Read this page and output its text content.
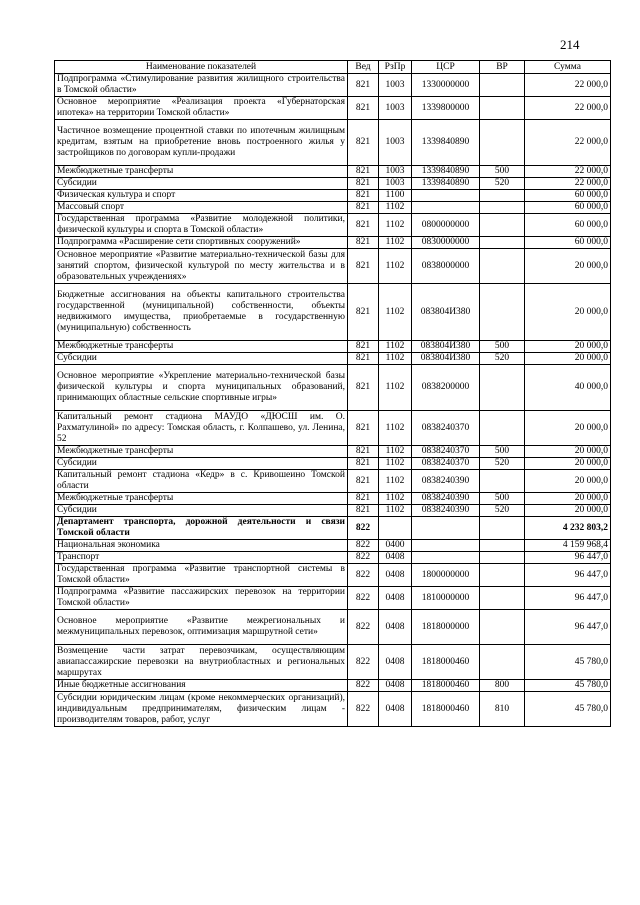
214
Наименование показателей	Вед	РзПр	ЦСР	ВР	Сумма
Подпрограмма «Стимулирование развития жилищного строительства в Томской области»	821	1003	1330000000		22 000,0
Основное мероприятие «Реализация проекта «Губернаторская ипотека» на территории Томской области»	821	1003	1339800000		22 000,0
Частичное возмещение процентной ставки по ипотечным жилищным кредитам, взятым на приобретение вновь построенного жилья у застройщиков по договорам купли-продажи	821	1003	1339840890		22 000,0
Межбюджетные трансферты	821	1003	1339840890	500	22 000,0
Субсидии	821	1003	1339840890	520	22 000,0
Физическая культура и спорт	821	1100			60 000,0
Массовый спорт	821	1102			60 000,0
Государственная программа «Развитие молодежной политики, физической культуры и спорта в Томской области»	821	1102	0800000000		60 000,0
Подпрограмма «Расширение сети спортивных сооружений»	821	1102	0830000000		60 000,0
Основное мероприятие «Развитие материально-технической базы для занятий спортом, физической культурой по месту жительства и в образовательных учреждениях»	821	1102	0838000000		20 000,0
Бюджетные ассигнования на объекты капитального строительства государственной (муниципальной) собственности, объекты недвижимого имущества, приобретаемые в государственную (муниципальную) собственность	821	1102	083804И380		20 000,0
Межбюджетные трансферты	821	1102	083804И380	500	20 000,0
Субсидии	821	1102	083804И380	520	20 000,0
Основное мероприятие «Укрепление материально-технической базы физической культуры и спорта муниципальных образований, принимающих областные сельские спортивные игры»	821	1102	0838200000		40 000,0
Капитальный ремонт стадиона МАУДО «ДЮСШ им. О. Рахматулиной» по адресу: Томская область, г. Колпашево, ул. Ленина, 52	821	1102	0838240370		20 000,0
Межбюджетные трансферты	821	1102	0838240370	500	20 000,0
Субсидии	821	1102	0838240370	520	20 000,0
Капитальный ремонт стадиона «Кедр» в с. Кривошеино Томской области	821	1102	0838240390		20 000,0
Межбюджетные трансферты	821	1102	0838240390	500	20 000,0
Субсидии	821	1102	0838240390	520	20 000,0
Департамент транспорта, дорожной деятельности и связи Томской области	822				4 232 803,2
Национальная экономика	822	0400			4 159 968,4
Транспорт	822	0408			96 447,0
Государственная программа «Развитие транспортной системы в Томской области»	822	0408	1800000000		96 447,0
Подпрограмма «Развитие пассажирских перевозок на территории Томской области»	822	0408	1810000000		96 447,0
Основное мероприятие «Развитие межрегиональных и межмуниципальных перевозок, оптимизация маршрутной сети»	822	0408	1818000000		96 447,0
Возмещение части затрат перевозчикам, осуществляющим авиапассажирские перевозки на внутриобластных и региональных маршрутах	822	0408	1818000460		45 780,0
Иные бюджетные ассигнования	822	0408	1818000460	800	45 780,0
Субсидии юридическим лицам (кроме некоммерческих организаций), индивидуальным предпринимателям, физическим лицам - производителям товаров, работ, услуг	822	0408	1818000460	810	45 780,0
